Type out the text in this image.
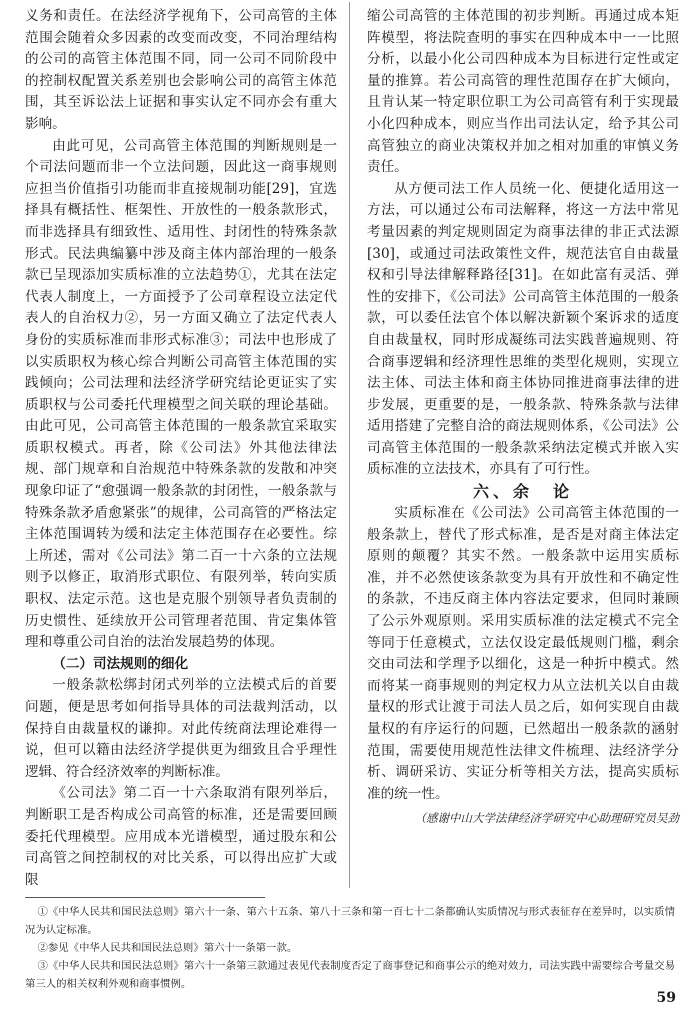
义务和责任。在法经济学视角下，公司高管的主体范围会随着众多因素的改变而改变，不同治理结构的公司的高管主体范围不同，同一公司不同阶段中的控制权配置关系差别也会影响公司的高管主体范围，其至诉讼法上证据和事实认定不同亦会有重大影响。

由此可见，公司高管主体范围的判断规则是一个司法问题而非一个立法问题，因此这一商事规则应担当价值指引功能而非直接规制功能[29]，宜选择具有概括性、框架性、开放性的一般条款形式，而非选择具有细致性、适用性、封闭性的特殊条款形式。民法典编纂中涉及商主体内部治理的一般条款已呈现添加实质标准的立法趋势①，尤其在法定代表人制度上，一方面授予了公司章程设立法定代表人的自治权力②，另一方面又确立了法定代表人身份的实质标准而非形式标准③；司法中也形成了以实质职权为核心综合判断公司高管主体范围的实践倾向；公司法理和法经济学研究结论更证实了实质职权与公司委托代理模型之间关联的理论基础。由此可见，公司高管主体范围的一般条款宜采取实质职权模式。再者，除《公司法》外其他法律法规、部门规章和自治规范中特殊条款的发散和冲突现象印证了“愈强调一般条款的封闭性，一般条款与特殊条款矛盾愈紧张”的规律，公司高管的严格法定主体范围调转为缓和法定主体范围存在必要性。综上所述，需对《公司法》第二百一十六条的立法规则予以修正，取消形式职位、有限列举，转向实质职权、法定示范。这也是克服个别领导者负责制的历史惯性、延续放开公司管理者范围、肯定集体管理和尊重公司自治的法治发展趋势的体现。

（二）司法规则的细化

一般条款松绑封闭式列举的立法模式后的首要问题，便是思考如何指导具体的司法裁判活动，以保持自由裁量权的谦抑。对此传统商法理论难得一说，但可以籍由法经济学提供更为细致且合乎理性逻辑、符合经济效率的判断标准。

《公司法》第二百一十六条取消有限列举后，判断职工是否构成公司高管的标准，还是需要回顾委托代理模型。应用成本光谱模型，通过股东和公司高管之间控制权的对比关系，可以得出应扩大或限

缩公司高管的主体范围的初步判断。再通过成本矩阵模型，将法院查明的事实在四种成本中一一比照分析，以最小化公司四种成本为目标进行定性或定量的推算。若公司高管的理性范围存在扩大倾向，且肯认某一特定职位职工为公司高管有利于实现最小化四种成本，则应当作出司法认定，给予其公司高管独立的商业决策权并加之相对加重的审慎义务责任。

从方便司法工作人员统一化、便捷化适用这一方法，可以通过公布司法解释，将这一方法中常见考量因素的判定规则固定为商事法律的非正式法源[30]，或通过司法政策性文件，规范法官自由裁量权和引导法律解释路径[31]。在如此富有灵活、弹性的安排下，《公司法》公司高管主体范围的一般条款，可以委任法官个体以解决新颖个案诉求的适度自由裁量权，同时形成凝练司法实践普遍规则、符合商事逻辑和经济理性思维的类型化规则，实现立法主体、司法主体和商主体协同推进商事法律的进步发展，更重要的是，一般条款、特殊条款与法律适用搭建了完整自洽的商法规则体系，《公司法》公司高管主体范围的一般条款采纳法定模式并嵌入实质标准的立法技术，亦具有了可行性。

六、余　论

实质标准在《公司法》公司高管主体范围的一般条款上，替代了形式标准，是否是对商主体法定原则的颠覆？其实不然。一般条款中运用实质标准，并不必然使该条款变为具有开放性和不确定性的条款，不违反商主体内容法定要求，但同时兼顾了公示外观原则。采用实质标准的法定模式不完全等同于任意模式，立法仅设定最低规则门槛，剩余交由司法和学理予以细化，这是一种折中模式。然而将某一商事规则的判定权力从立法机关以自由裁量权的形式让渡于司法人员之后，如何实现自由裁量权的有序运行的问题，已然超出一般条款的涵射范围，需要使用规范性法律文件梳理、法经济学分析、调研采访、实证分析等相关方法，提高实质标准的统一性。

（感谢中山大学法律经济学研究中心助理研究员吴劲

①《中华人民共和国民法总则》第六十一条、第六十五条、第八十三条和第一百七十二条都确认实质情况与形式表征存在差异时，以实质情况为认定标准。

②参见《中华人民共和国民法总则》第六十一条第一款。

③《中华人民共和国民法总则》第六十一条第三款通过表见代表制度否定了商事登记和商事公示的绝对效力，司法实践中需要综合考量交易第三人的相关权利外观和商事惯例。

59
